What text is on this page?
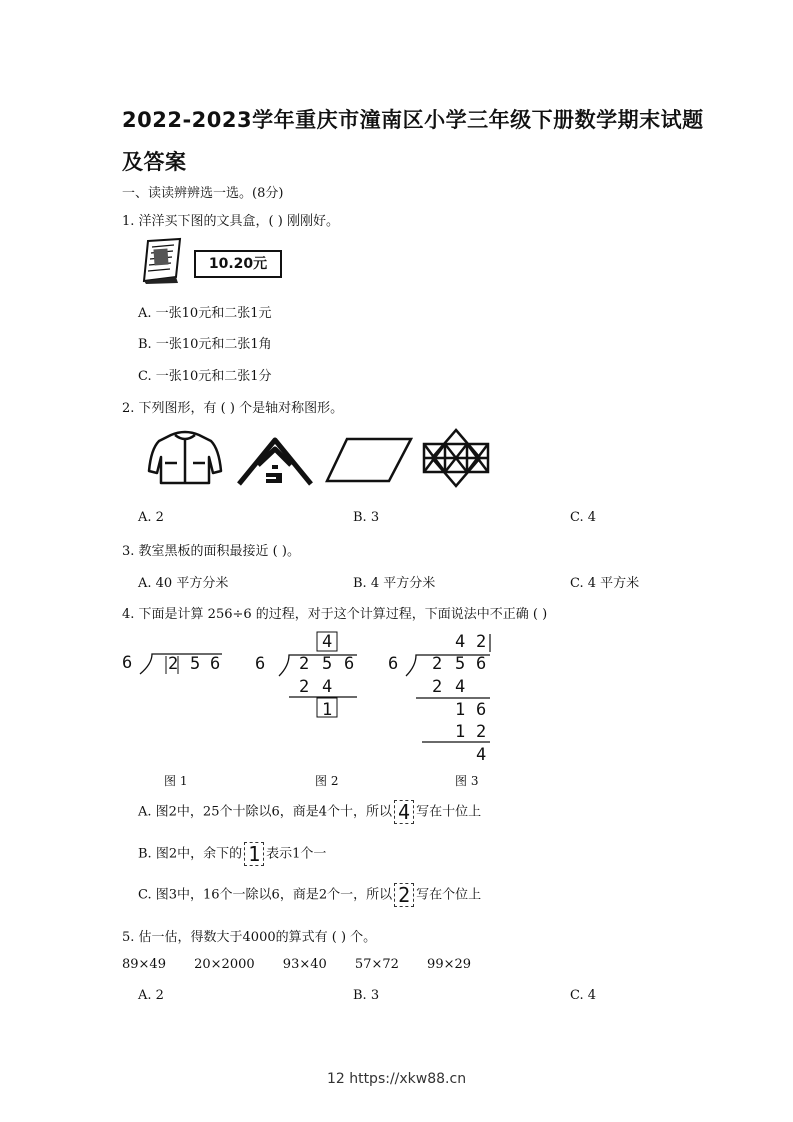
2022-2023学年重庆市潼南区小学三年级下册数学期末试题
及答案
一、读读辨辨选一选。(8分)
1. 洋洋买下图的文具盒，( ) 刚刚好。
10.20元
A. 一张10元和二张1元
B. 一张10元和二张1角
C. 一张10元和二张1分
2. 下列图形，有 ( ) 个是轴对称图形。
A. 2	B. 3	C. 4
3. 教室黑板的面积最接近 ( )。
A. 40 平方分米	B. 4 平方分米	C. 4 平方米
4. 下面是计算 256÷6 的过程，对于这个计算过程，下面说法中不正确 ( )
6 2 5 6
图 1
4
6 2 5 6
2 4
1
图 2
4 2
6 2 5 6
2 4
1 6
1 2
4
图 3
A. 图2中，25个十除以6，商是4个十，所以 4 写在十位上
B. 图2中，余下的 1 表示1个一
C. 图3中，16个一除以6，商是2个一，所以 2 写在个位上
5. 估一估，得数大于4000的算式有 ( ) 个。
89×49 20×2000 93×40 57×72 99×29
A. 2	B. 3	C. 4
12 https://xkw88.cn
